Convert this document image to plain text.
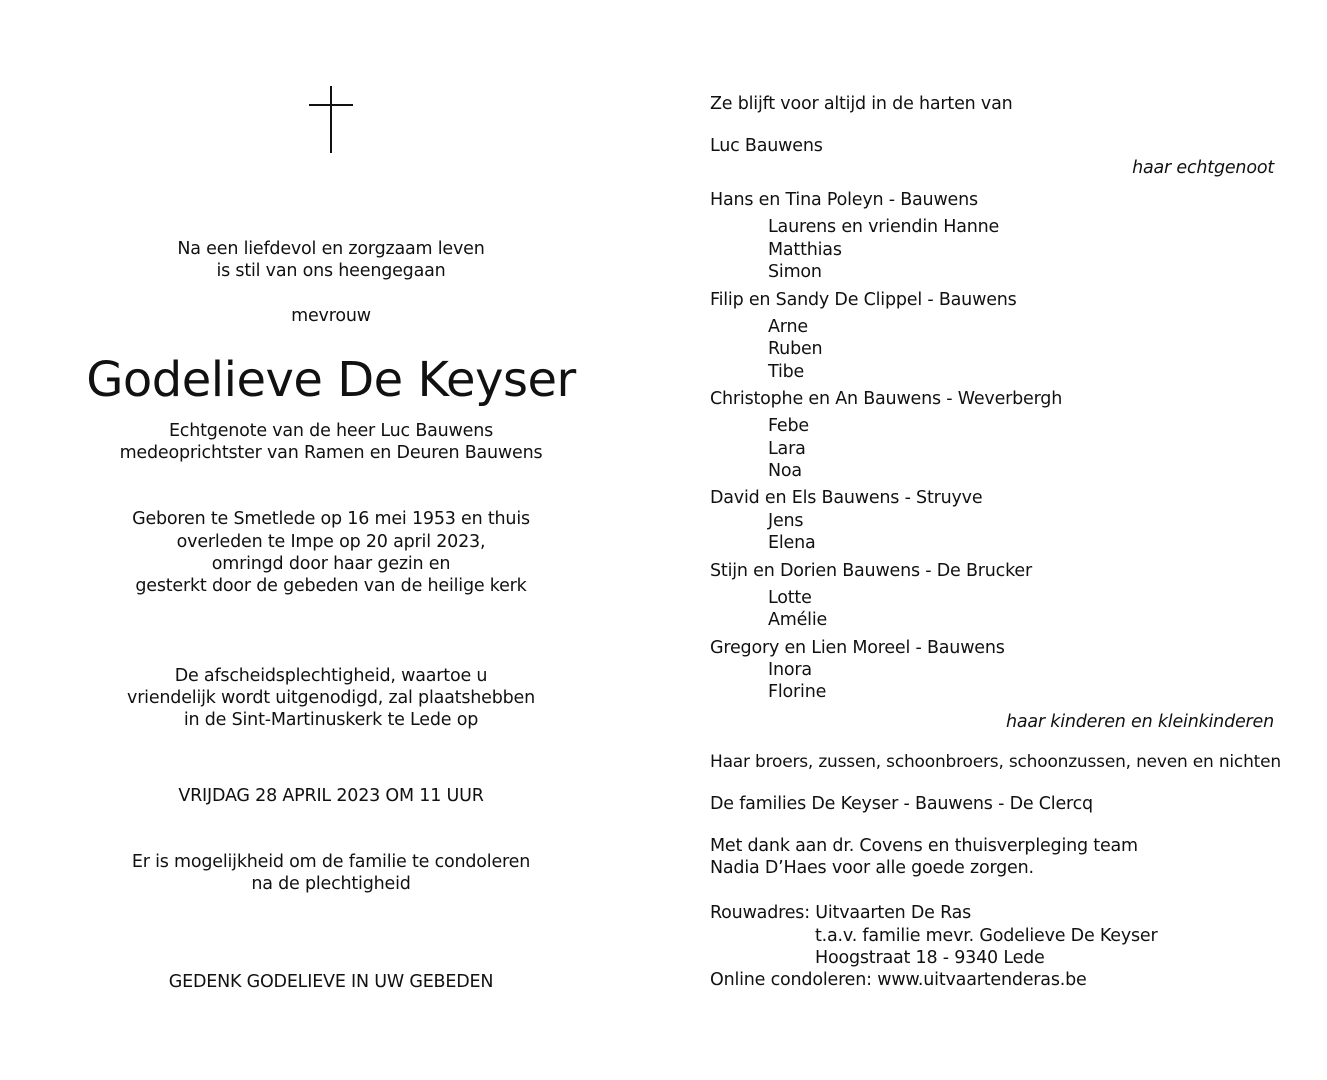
Na een liefdevol en zorgzaam leven
is stil van ons heengegaan
mevrouw
Godelieve De Keyser
Echtgenote van de heer Luc Bauwens
medeoprichtster van Ramen en Deuren Bauwens
Geboren te Smetlede op 16 mei 1953 en thuis
overleden te Impe op 20 april 2023,
omringd door haar gezin en
gesterkt door de gebeden van de heilige kerk
De afscheidsplechtigheid, waartoe u
vriendelijk wordt uitgenodigd, zal plaatshebben
in de Sint-Martinuskerk te Lede op
VRIJDAG 28 APRIL 2023 OM 11 UUR
Er is mogelijkheid om de familie te condoleren
na de plechtigheid
GEDENK GODELIEVE IN UW GEBEDEN
Ze blijft voor altijd in de harten van
Luc Bauwens
haar echtgenoot
Hans en Tina Poleyn - Bauwens
Laurens en vriendin Hanne
Matthias
Simon
Filip en Sandy De Clippel - Bauwens
Arne
Ruben
Tibe
Christophe en An Bauwens - Weverbergh
Febe
Lara
Noa
David en Els Bauwens - Struyve
Jens
Elena
Stijn en Dorien Bauwens - De Brucker
Lotte
Amélie
Gregory en Lien Moreel - Bauwens
Inora
Florine
haar kinderen en kleinkinderen
Haar broers, zussen, schoonbroers, schoonzussen, neven en nichten
De families De Keyser - Bauwens - De Clercq
Met dank aan dr. Covens en thuisverpleging team
Nadia D’Haes voor alle goede zorgen.
Rouwadres: Uitvaarten De Ras
t.a.v. familie mevr. Godelieve De Keyser
Hoogstraat 18 - 9340 Lede
Online condoleren: www.uitvaartenderas.be
